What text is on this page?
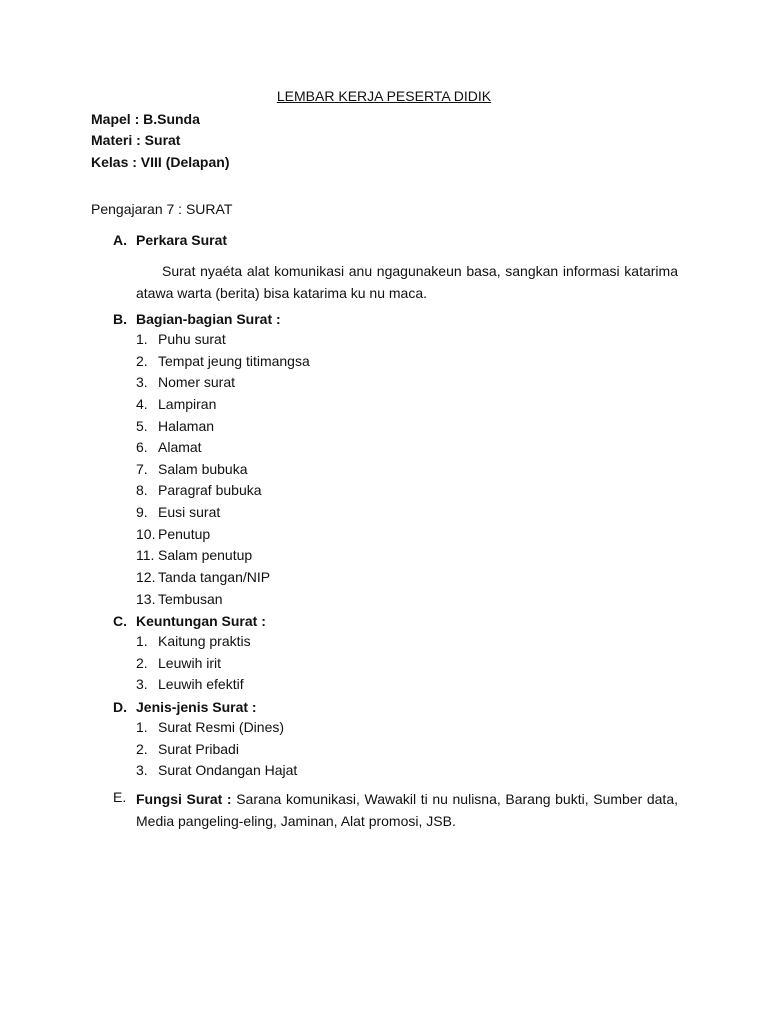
LEMBAR KERJA PESERTA DIDIK
Mapel : B.Sunda
Materi : Surat
Kelas : VIII (Delapan)
Pengajaran 7 : SURAT
A. Perkara Surat
Surat nyaéta alat komunikasi anu ngagunakeun basa, sangkan informasi katarima atawa warta (berita) bisa katarima ku nu maca.
B. Bagian-bagian Surat :
1. Puhu surat
2. Tempat jeung titimangsa
3. Nomer surat
4. Lampiran
5. Halaman
6. Alamat
7. Salam bubuka
8. Paragraf bubuka
9. Eusi surat
10. Penutup
11. Salam penutup
12. Tanda tangan/NIP
13. Tembusan
C. Keuntungan Surat :
1. Kaitung praktis
2. Leuwih irit
3. Leuwih efektif
D. Jenis-jenis Surat :
1. Surat Resmi (Dines)
2. Surat Pribadi
3. Surat Ondangan Hajat
E. Fungsi Surat : Sarana komunikasi, Wawakil ti nu nulisna, Barang bukti, Sumber data, Media pangeling-eling, Jaminan, Alat promosi, JSB.
